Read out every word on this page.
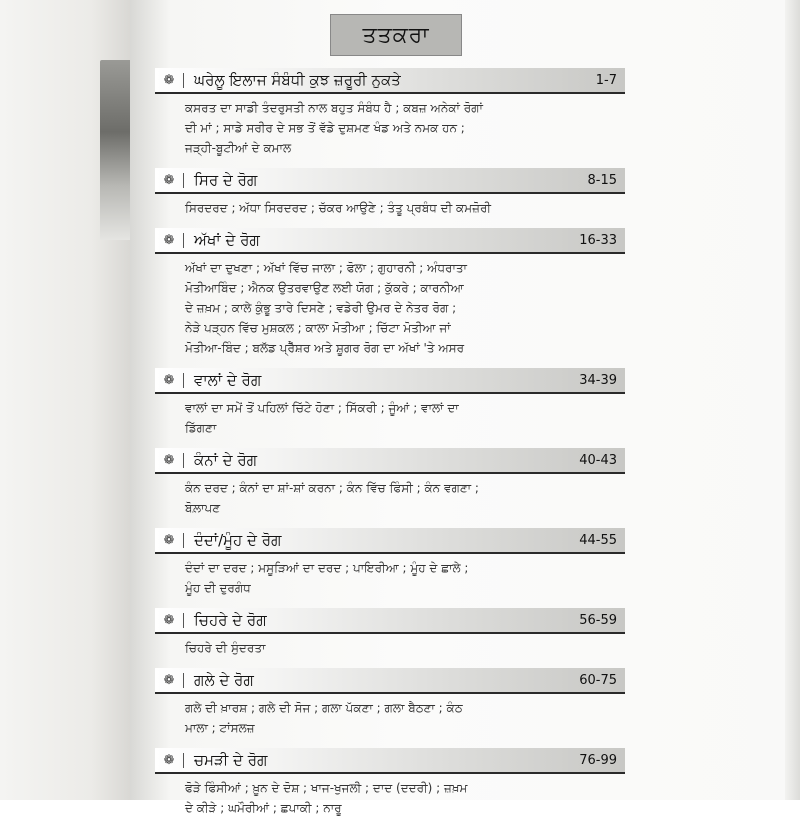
ਤਤਕਰਾ
❁	ਘਰੇਲੂ ਇਲਾਜ ਸੰਬੰਧੀ ਕੁਝ ਜ਼ਰੂਰੀ ਨੁਕਤੇ	1-7
ਕਸਰਤ ਦਾ ਸਾਡੀ ਤੰਦਰੁਸਤੀ ਨਾਲ ਬਹੁਤ ਸੰਬੰਧ ਹੈ ; ਕਬਜ਼ ਅਨੇਕਾਂ ਰੋਗਾਂ
ਦੀ ਮਾਂ ; ਸਾਡੇ ਸਰੀਰ ਦੇ ਸਭ ਤੋਂ ਵੱਡੇ ਦੁਸ਼ਮਣ ਖੰਡ ਅਤੇ ਨਮਕ ਹਨ ;
ਜੜ੍ਹੀ-ਬੂਟੀਆਂ ਦੇ ਕਮਾਲ
❁	ਸਿਰ ਦੇ ਰੋਗ	8-15
ਸਿਰਦਰਦ ; ਅੱਧਾ ਸਿਰਦਰਦ ; ਚੱਕਰ ਆਉਣੇ ; ਤੰਤੂ ਪ੍ਰਬੰਧ ਦੀ ਕਮਜ਼ੋਰੀ
❁	ਅੱਖਾਂ ਦੇ ਰੋਗ	16-33
ਅੱਖਾਂ ਦਾ ਦੁਖਣਾ ; ਅੱਖਾਂ ਵਿੱਚ ਜਾਲਾ ; ਫੋਲਾ ; ਗੁਹਾਰਨੀ ; ਅੰਧਰਾਤਾ
ਮੋਤੀਆਬਿੰਦ ; ਐਨਕ ਉਤਰਵਾਉਣ ਲਈ ਯੋਗ ; ਕੁੱਕਰੇ ; ਕਾਰਨੀਆ
ਦੇ ਜ਼ਖ਼ਮ ; ਕਾਲੇ ਕੁੰਭੂ ਤਾਰੇ ਦਿਸਣੇ ; ਵਡੇਰੀ ਉਮਰ ਦੇ ਨੇਤਰ ਰੋਗ ;
ਨੇੜੇ ਪੜ੍ਹਨ ਵਿੱਚ ਮੁਸ਼ਕਲ ; ਕਾਲਾ ਮੋਤੀਆ ; ਚਿੱਟਾ ਮੋਤੀਆ ਜਾਂ
ਮੋਤੀਆ-ਬਿੰਦ ; ਬਲੱਡ ਪ੍ਰੈੱਸ਼ਰ ਅਤੇ ਸ਼ੂਗਰ ਰੋਗ ਦਾ ਅੱਖਾਂ 'ਤੇ ਅਸਰ
❁	ਵਾਲਾਂ ਦੇ ਰੋਗ	34-39
ਵਾਲਾਂ ਦਾ ਸਮੇਂ ਤੋਂ ਪਹਿਲਾਂ ਚਿੱਟੇ ਹੋਣਾ ; ਸਿੱਕਰੀ ; ਜੂੰਆਂ ; ਵਾਲਾਂ ਦਾ
ਡਿੱਗਣਾ
❁	ਕੰਨਾਂ ਦੇ ਰੋਗ	40-43
ਕੰਨ ਦਰਦ ; ਕੰਨਾਂ ਦਾ ਸ਼ਾਂ-ਸ਼ਾਂ ਕਰਨਾ ; ਕੰਨ ਵਿੱਚ ਫਿੰਸੀ ; ਕੰਨ ਵਗਣਾ ;
ਬੋਲ਼ਾਪਣ
❁	ਦੰਦਾਂ/ਮੂੰਹ ਦੇ ਰੋਗ	44-55
ਦੰਦਾਂ ਦਾ ਦਰਦ ; ਮਸੂੜਿਆਂ ਦਾ ਦਰਦ ; ਪਾਇਰੀਆ ; ਮੂੰਹ ਦੇ ਛਾਲੇ ;
ਮੂੰਹ ਦੀ ਦੁਰਗੰਧ
❁	ਚਿਹਰੇ ਦੇ ਰੋਗ	56-59
ਚਿਹਰੇ ਦੀ ਸੁੰਦਰਤਾ
❁	ਗਲੇ ਦੇ ਰੋਗ	60-75
ਗਲੇ ਦੀ ਖ਼ਾਰਸ਼ ; ਗਲੇ ਦੀ ਸੋਜ ; ਗਲਾ ਪੱਕਣਾ ; ਗਲਾ ਬੈਠਣਾ ; ਕੰਠ
ਮਾਲਾ ; ਟਾਂਸਲਜ਼
❁	ਚਮੜੀ ਦੇ ਰੋਗ	76-99
ਫੋੜੇ ਫਿੰਸੀਆਂ ; ਖ਼ੂਨ ਦੇ ਦੋਸ਼ ; ਖਾਜ-ਖੁਜਲੀ ; ਦਾਦ (ਦਦਰੀ) ; ਜ਼ਖ਼ਮ
ਦੇ ਕੀੜੇ ; ਘਮੌਰੀਆਂ ; ਛਪਾਕੀ ; ਨਾਰੂ
